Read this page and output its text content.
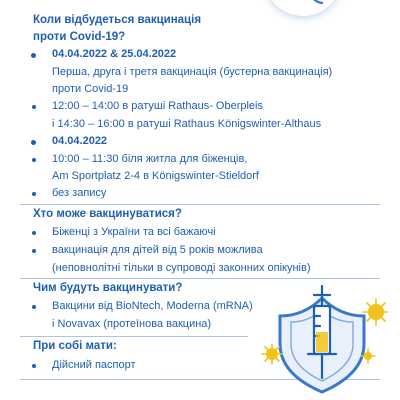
Коли відбудеться вакцинація
проти Covid-19?
04.04.2022 & 25.04.2022
Перша, друга і третя вакцинація (бустерна вакцинація)
проти Covid-19
12:00 – 14:00 в ратуші Rathaus- Oberpleis
і 14:30 – 16:00 в ратуші Rathaus Königswinter-Althaus
04.04.2022
10:00 – 11:30 біля житла для біженців,
Am Sportplatz 2-4 в Königswinter-Stieldorf
без запису
Хто може вакцинуватися?
Біженці з України та всі бажаючі
вакцинація для дітей від 5 років можлива
(неповнолітні тільки в супроводі законних опікунів)
Чим будуть вакцинувати?
Вакцини від BioNtech, Moderna (mRNA)
і Novavax (протеїнова вакцина)
При собі мати:
Дійсний паспорт
